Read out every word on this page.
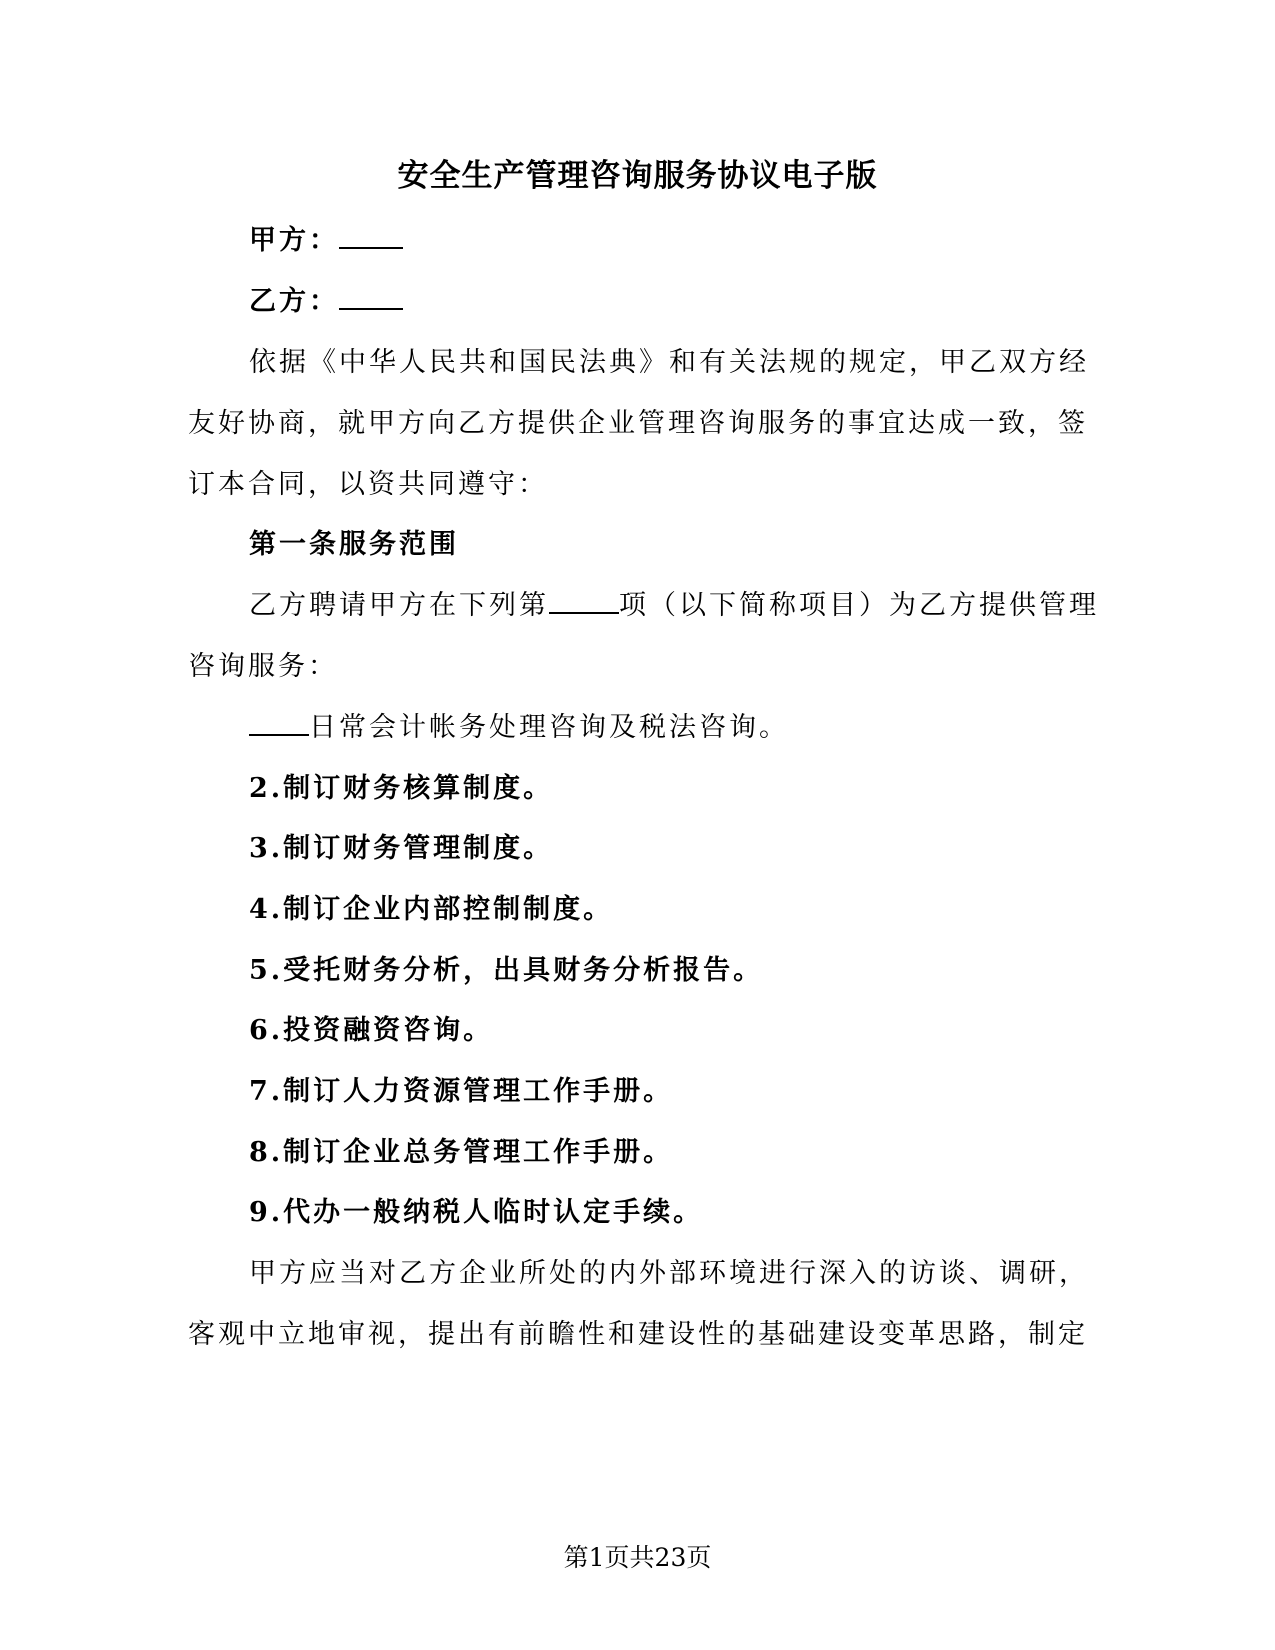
安全生产管理咨询服务协议电子版
甲方：
乙方：
依据《中华人民共和国民法典》和有关法规的规定，甲乙双方经
友好协商，就甲方向乙方提供企业管理咨询服务的事宜达成一致，签
订本合同，以资共同遵守：
第一条服务范围
乙方聘请甲方在下列第	项（以下简称项目）为乙方提供管理
咨询服务：
日常会计帐务处理咨询及税法咨询。
2.制订财务核算制度。
3.制订财务管理制度。
4.制订企业内部控制制度。
5.受托财务分析，出具财务分析报告。
6.投资融资咨询。
7.制订人力资源管理工作手册。
8.制订企业总务管理工作手册。
9.代办一般纳税人临时认定手续。
甲方应当对乙方企业所处的内外部环境进行深入的访谈、调研，
客观中立地审视，提出有前瞻性和建设性的基础建设变革思路，制定
第1页共23页
